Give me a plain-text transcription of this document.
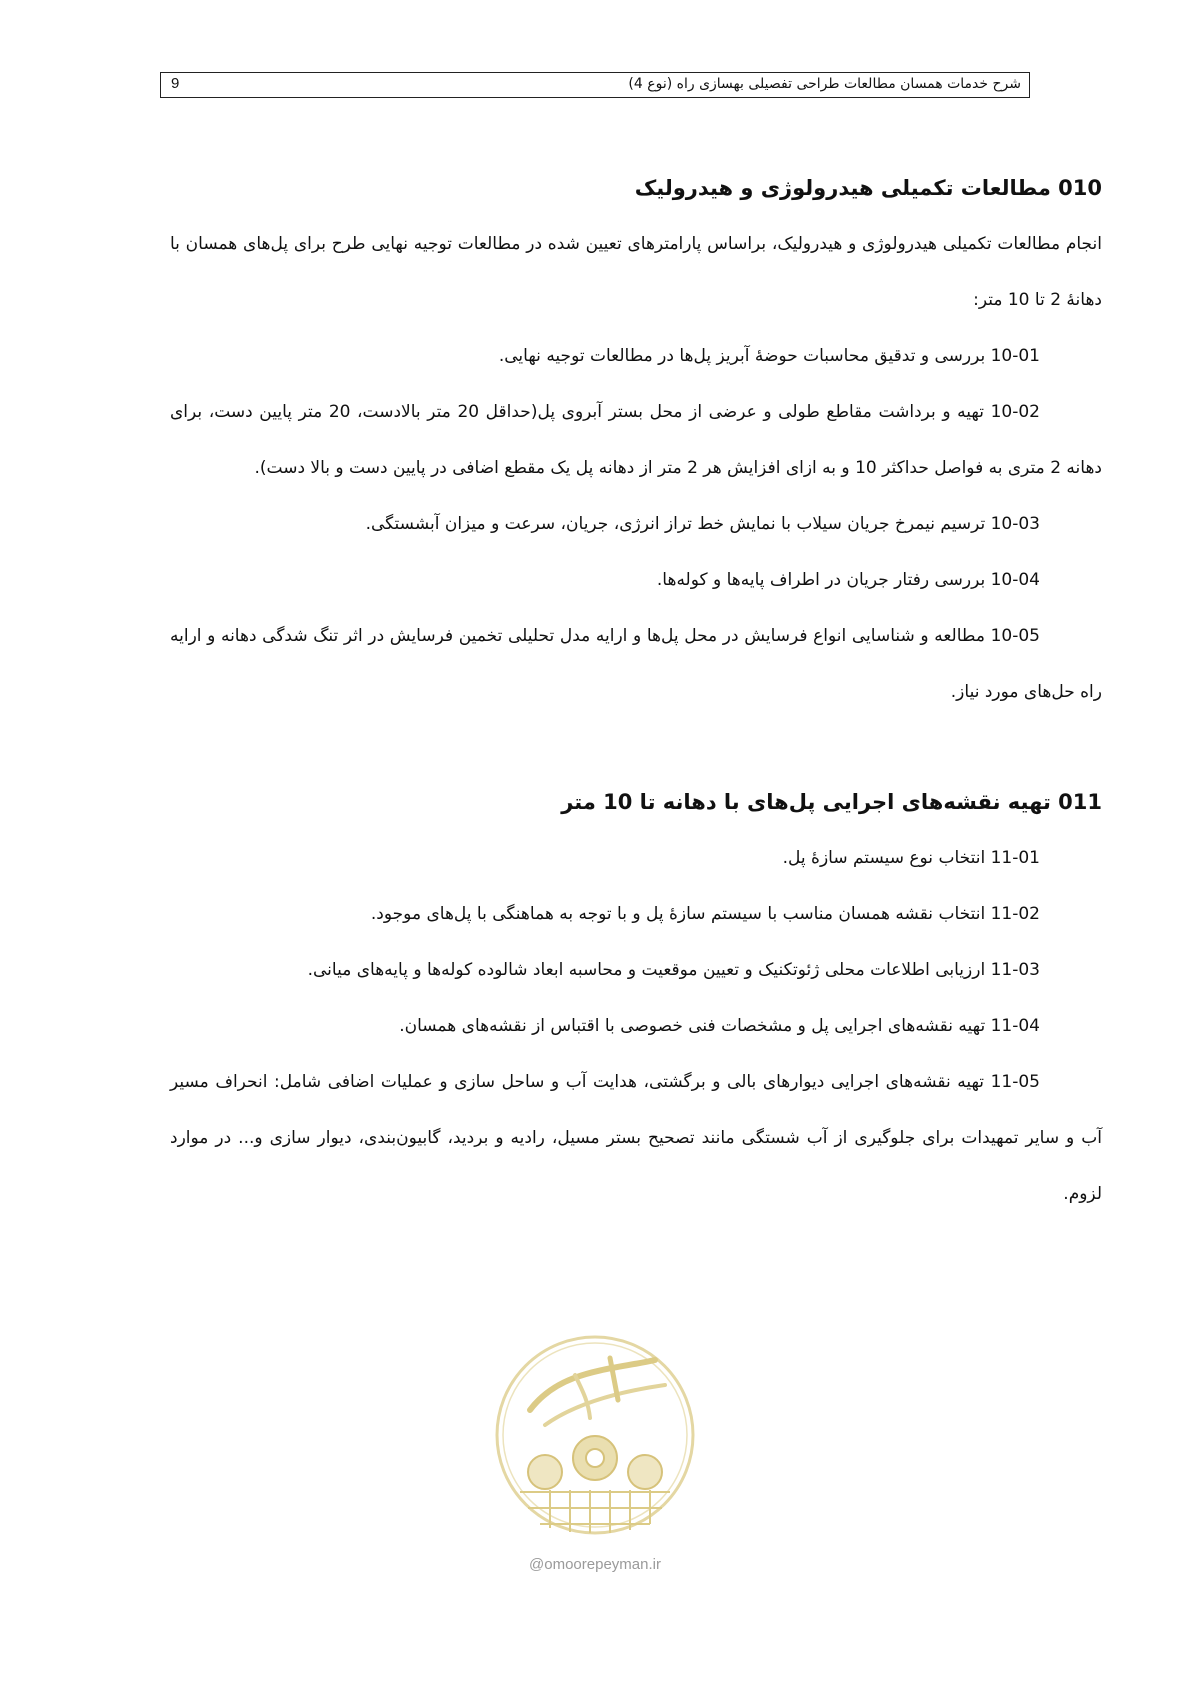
شرح خدمات همسان مطالعات طراحی تفصیلی بهسازی راه (نوع 4)
9
010 مطالعات تکمیلی هیدرولوژی و هیدرولیک

انجام مطالعات تکمیلی هیدرولوژی و هیدرولیک، براساس پارامترهای تعیین شده در مطالعات توجیه نهایی طرح برای پل‌های همسان با دهانهٔ 2 تا 10 متر:

10-01 بررسی و تدقیق محاسبات حوضهٔ آبریز پل‌ها در مطالعات توجیه نهایی.

10-02 تهیه و برداشت مقاطع طولی و عرضی از محل بستر آبروی پل(حداقل 20 متر بالادست، 20 متر پایین دست، برای دهانه 2 متری به فواصل حداکثر 10 و به ازای افزایش هر 2 متر از دهانه پل یک مقطع اضافی در پایین دست و بالا دست).

10-03 ترسیم نیمرخ جریان سیلاب با نمایش خط تراز انرژی، جریان، سرعت و میزان آبشستگی.

10-04 بررسی رفتار جریان در اطراف پایه‌ها و کوله‌ها.

10-05 مطالعه و شناسایی انواع فرسایش در محل پل‌ها و ارایه مدل تحلیلی تخمین فرسایش در اثر تنگ شدگی دهانه و ارایه راه حل‌های مورد نیاز.

011 تهیه نقشه‌های اجرایی پل‌های با دهانه تا 10 متر

11-01 انتخاب نوع سیستم سازهٔ پل.

11-02 انتخاب نقشه همسان مناسب با سیستم سازهٔ پل و با توجه به هماهنگی با پل‌های موجود.

11-03 ارزیابی اطلاعات محلی ژئوتکنیک و تعیین موقعیت و محاسبه ابعاد شالوده کوله‌ها و پایه‌های میانی.

11-04 تهیه نقشه‌های اجرایی پل و مشخصات فنی خصوصی با اقتباس از نقشه‌های همسان.

11-05 تهیه نقشه‌های اجرایی دیوارهای بالی و برگشتی، هدایت آب و ساحل سازی و عملیات اضافی شامل: انحراف مسیر آب و سایر تمهیدات برای جلوگیری از آب شستگی مانند تصحیح بستر مسیل، رادیه و بردید، گابیون‌بندی، دیوار سازی و... در موارد لزوم.

@omoorepeyman.ir
